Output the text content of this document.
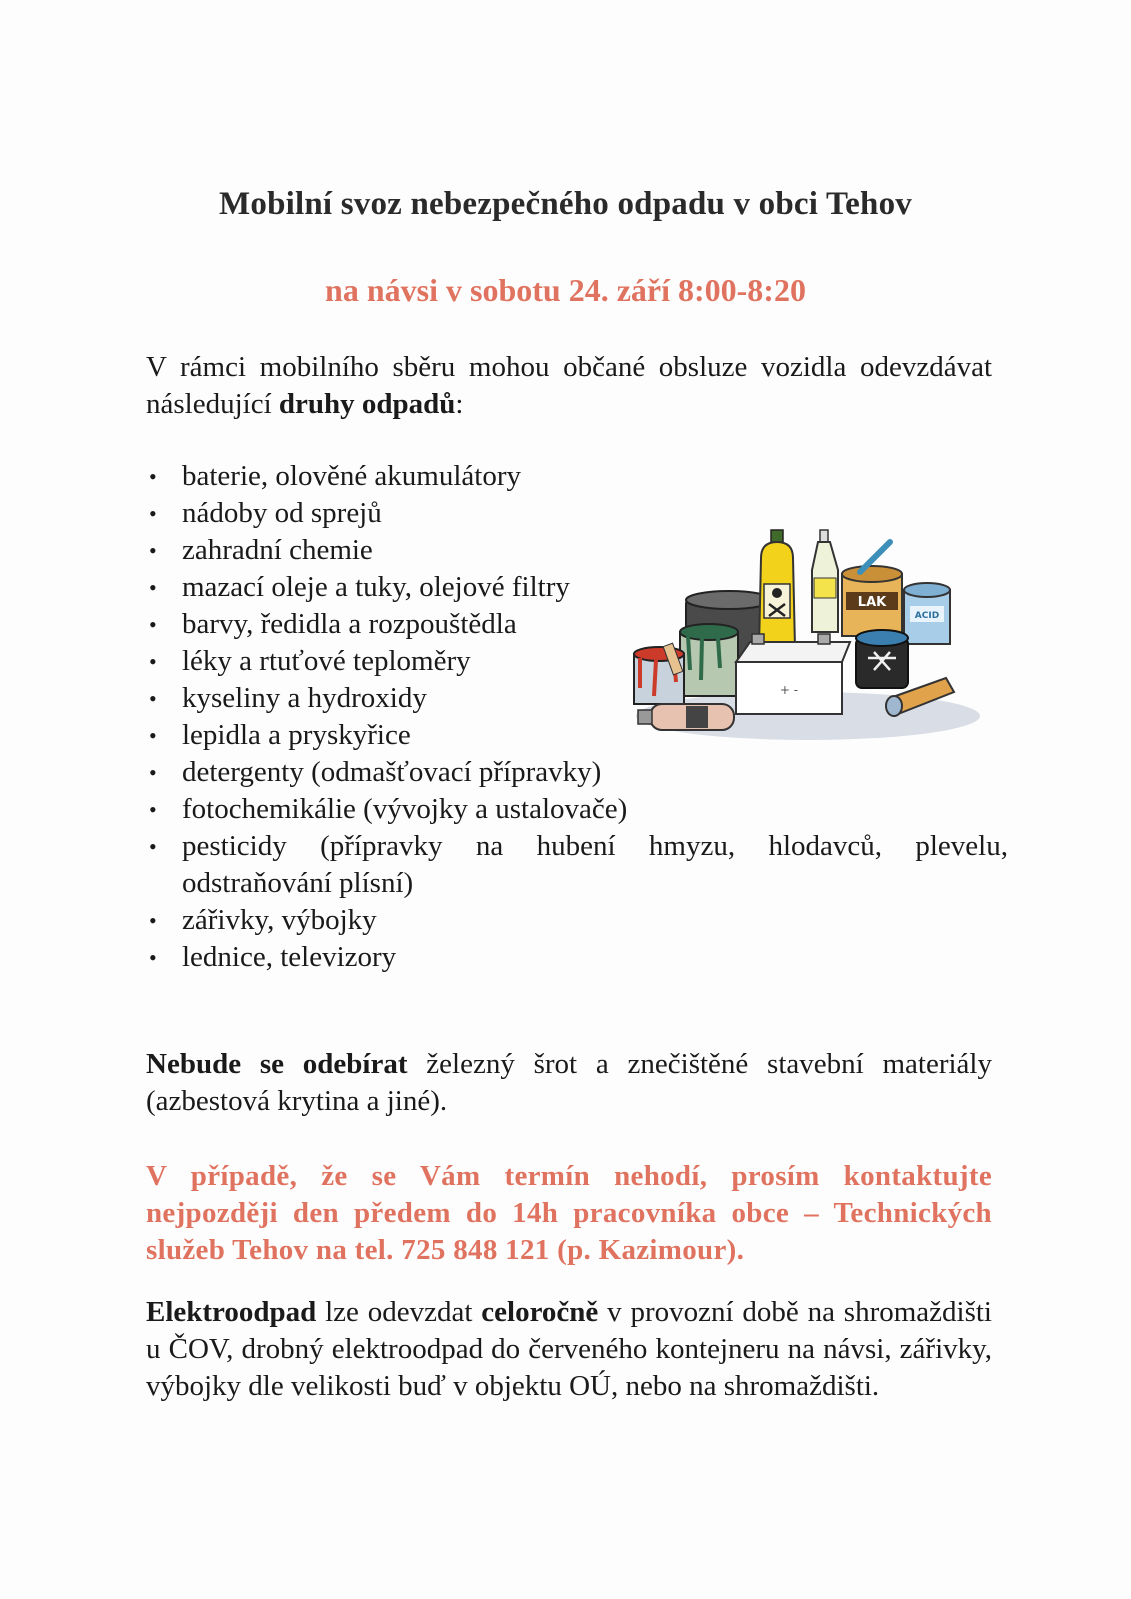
Mobilní svoz nebezpečného odpadu v obci Tehov
na návsi v sobotu 24. září 8:00-8:20

V rámci mobilního sběru mohou občané obsluze vozidla odevzdávat následující druhy odpadů:

• baterie, olověné akumulátory
• nádoby od sprejů
• zahradní chemie
• mazací oleje a tuky, olejové filtry
• barvy, ředidla a rozpouštědla
• léky a rtuťové teploměry
• kyseliny a hydroxidy
• lepidla a pryskyřice
• detergenty (odmašťovací přípravky)
• fotochemikálie (vývojky a ustalovače)
• pesticidy (přípravky na hubení hmyzu, hlodavců, plevelu, odstraňování plísní)
• zářivky, výbojky
• lednice, televizory
LAK
ACID
+ -

Nebude se odebírat železný šrot a znečištěné stavební materiály (azbestová krytina a jiné).

V případě, že se Vám termín nehodí, prosím kontaktujte nejpozději den předem do 14h pracovníka obce – Technických služeb Tehov na tel. 725 848 121 (p. Kazimour).

Elektroodpad lze odevzdat celoročně v provozní době na shromaždišti u ČOV, drobný elektroodpad do červeného kontejneru na návsi, zářivky, výbojky dle velikosti buď v objektu OÚ, nebo na shromaždišti.
